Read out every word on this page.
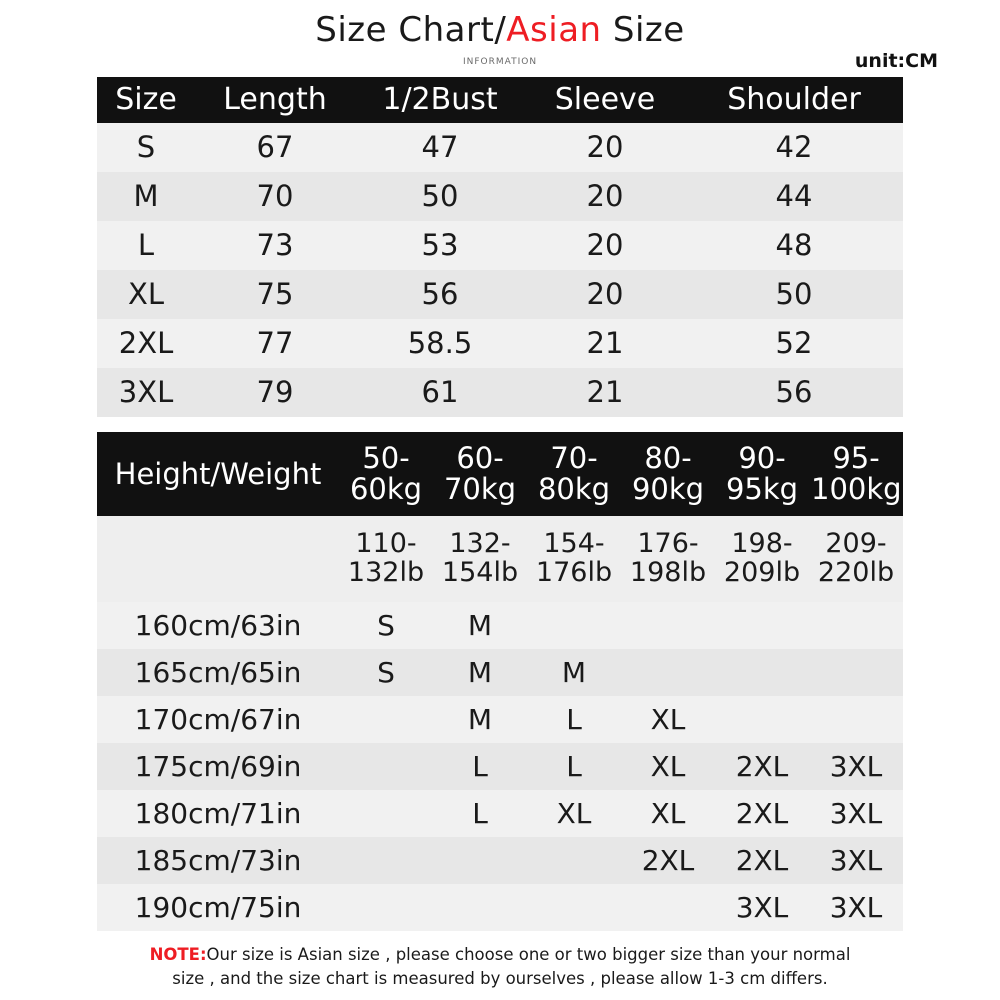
Size Chart/Asian Size
INFORMATION	unit:CM
Size	Length	1/2Bust	Sleeve	Shoulder
S	67	47	20	42
M	70	50	20	44
L	73	53	20	48
XL	75	56	20	50
2XL	77	58.5	21	52
3XL	79	61	21	56
Height/Weight	50-60kg	60-70kg	70-80kg	80-90kg	90-95kg	95-100kg
	110-132lb	132-154lb	154-176lb	176-198lb	198-209lb	209-220lb
160cm/63in	S	M				
165cm/65in	S	M	M			
170cm/67in		M	L	XL		
175cm/69in		L	L	XL	2XL	3XL
180cm/71in		L	XL	XL	2XL	3XL
185cm/73in				2XL	2XL	3XL
190cm/75in					3XL	3XL
NOTE:Our size is Asian size , please choose one or two bigger size than your normal
size , and the size chart is measured by ourselves , please allow 1-3 cm differs.
